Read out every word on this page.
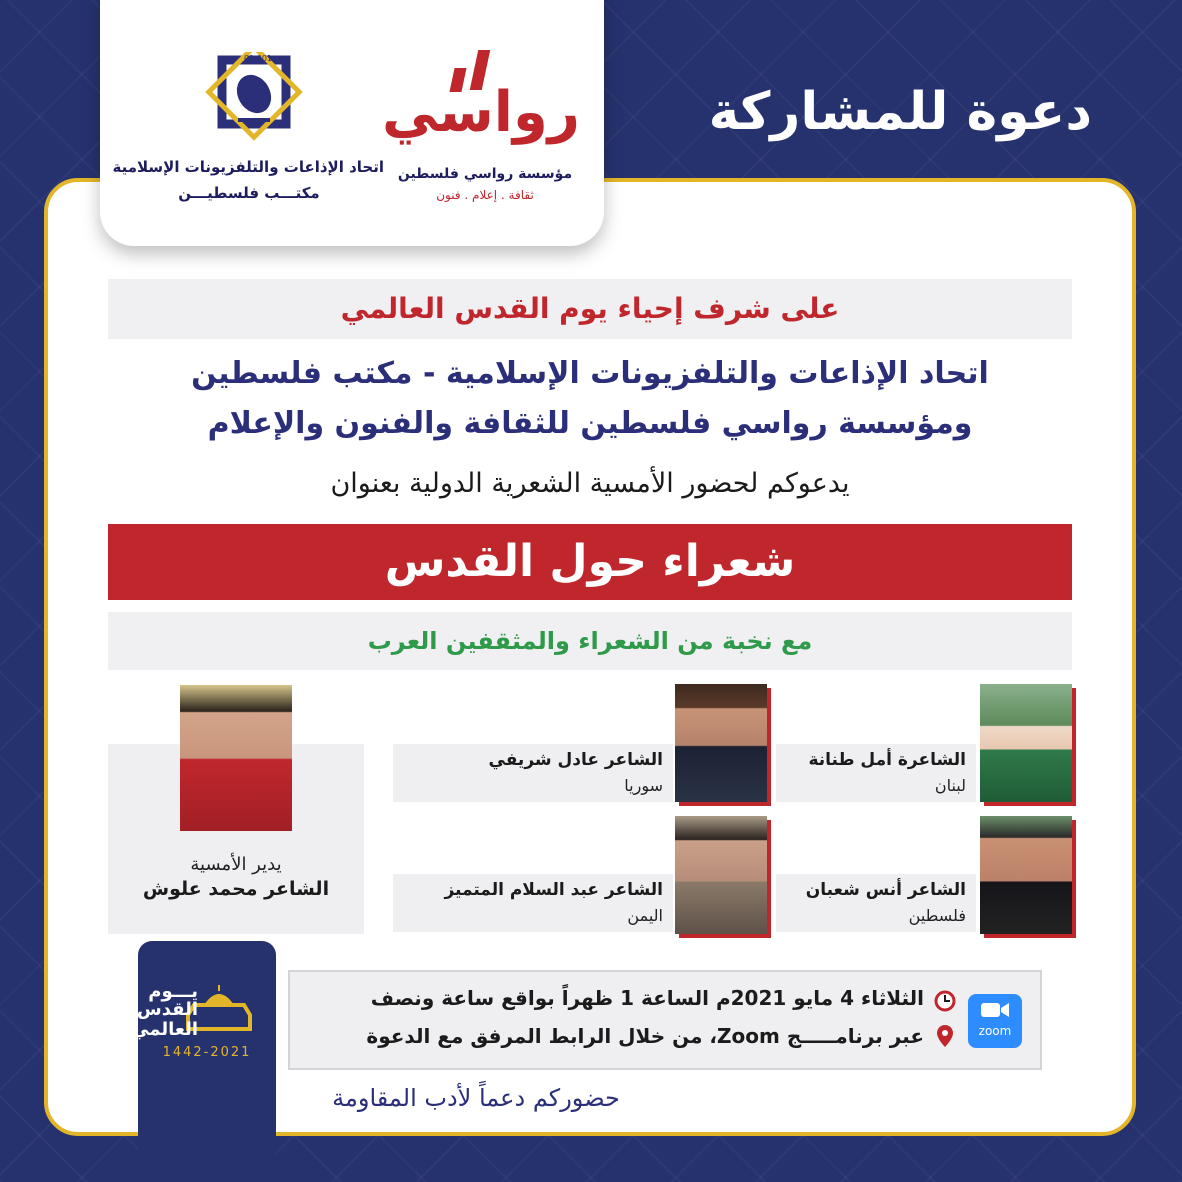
دعوة للمشاركة
01.001
اتحاد الإذاعات والتلفزيونات الإسلامية
مكتـــب فلسطيـــن
رواسي
مؤسسة رواسي فلسطين
ثقافة . إعلام . فنون
على شرف إحياء يوم القدس العالمي
اتحاد الإذاعات والتلفزيونات الإسلامية - مكتب فلسطين
ومؤسسة رواسي فلسطين للثقافة والفنون والإعلام
يدعوكم لحضور الأمسية الشعرية الدولية بعنوان
شعراء حول القدس
مع نخبة من الشعراء والمثقفين العرب
الشاعرة أمل طنانة
لبنان
الشاعر عادل شريفي
سوريا
الشاعر أنس شعبان
فلسطين
الشاعر عبد السلام المتميز
اليمن
يدير الأمسية
الشاعر محمد علوش
يـــوم
القدس
العالمي
1442-2021
zoom
الثلاثاء 4 مايو 2021م الساعة 1 ظهراً بواقع ساعة ونصف
عبر برنامـــــج Zoom، من خلال الرابط المرفق مع الدعوة
حضوركم دعماً لأدب المقاومة
